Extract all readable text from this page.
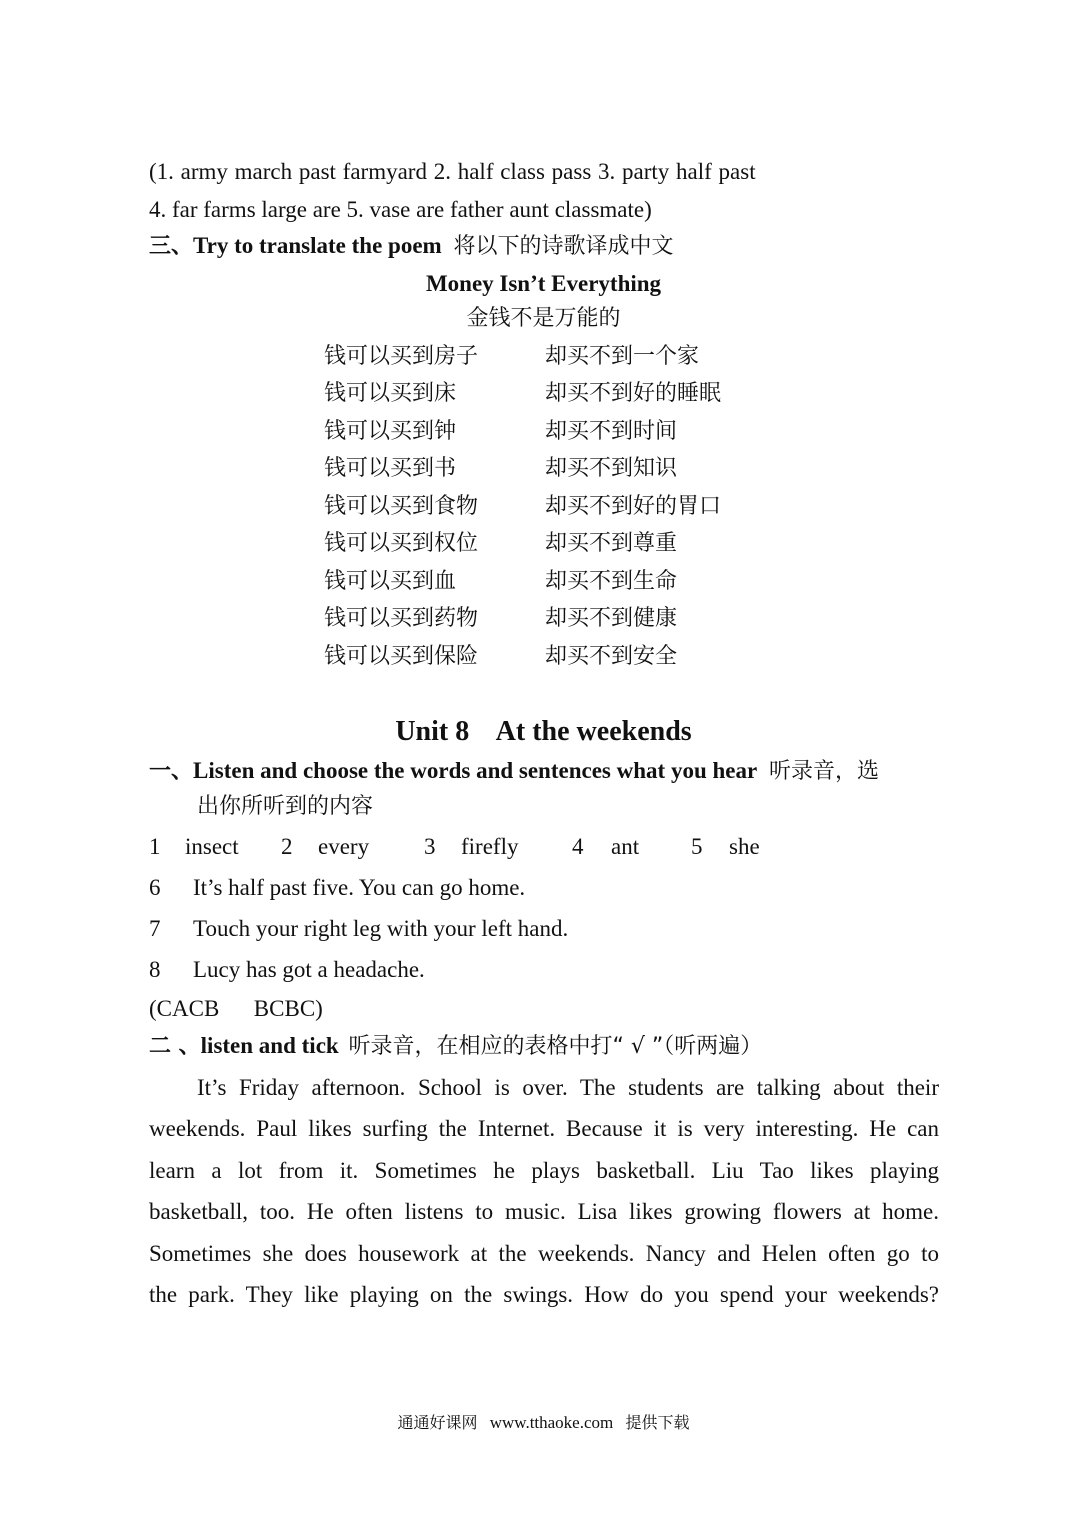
(1. army march past farmyard 2. half class pass 3. party half past
4. far farms large are 5. vase are father aunt classmate)
三、Try to translate the poem 将以下的诗歌译成中文
Money Isn’t Everything
金钱不是万能的
钱可以买到房子	却买不到一个家
钱可以买到床	却买不到好的睡眠
钱可以买到钟	却买不到时间
钱可以买到书	却买不到知识
钱可以买到食物	却买不到好的胃口
钱可以买到权位	却买不到尊重
钱可以买到血	却买不到生命
钱可以买到药物	却买不到健康
钱可以买到保险	却买不到安全
Unit 8    At the weekends
一、Listen and choose the words and sentences what you hear 听录音，选
出你所听到的内容
1 insect 2 every 3 firefly 4 ant 5 she
6 It’s half past five. You can go home.
7 Touch your right leg with your left hand.
8 Lucy has got a headache.
(CACB      BCBC)
二 、listen and tick 听录音，在相应的表格中打“ √ ”（听两遍）
It’s Friday afternoon. School is over. The students are talking about their
weekends. Paul likes surfing the Internet. Because it is very interesting. He can
learn a lot from it. Sometimes he plays basketball. Liu Tao likes playing
basketball, too. He often listens to music. Lisa likes growing flowers at home.
Sometimes she does housework at the weekends. Nancy and Helen often go to
the park. They like playing on the swings. How do you spend your weekends?
通通好课网 www.tthaoke.com 提供下载
